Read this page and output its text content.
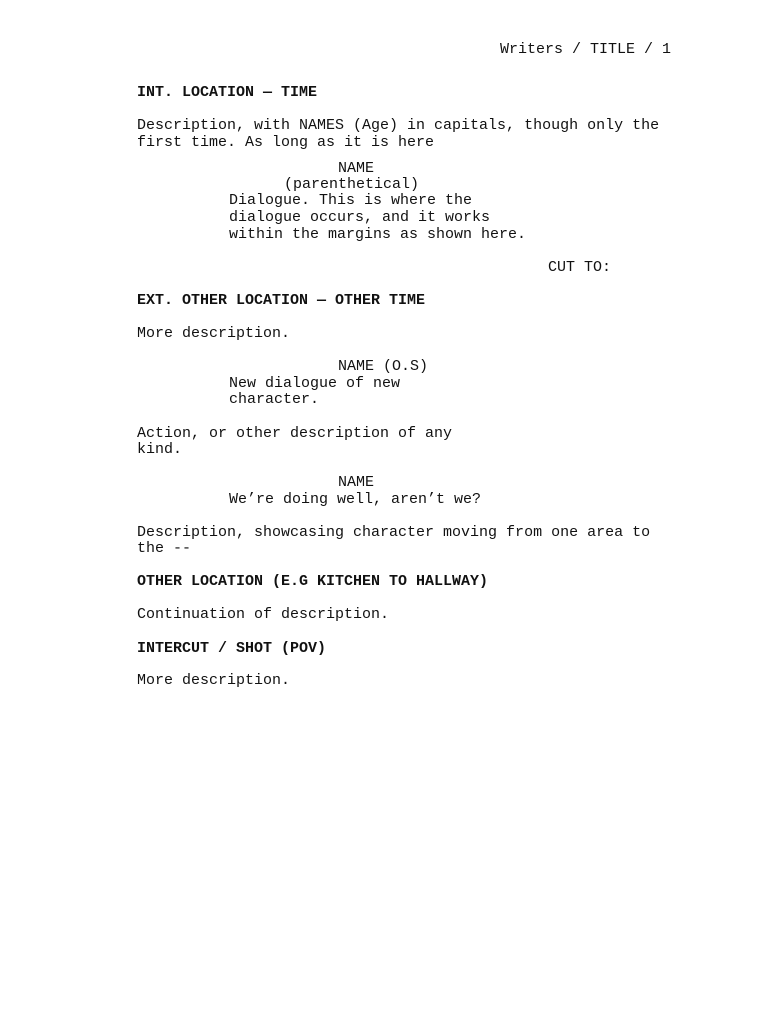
Writers / TITLE / 1
INT. LOCATION — TIME
Description, with NAMES (Age) in capitals, though only the
first time. As long as it is here
NAME
(parenthetical)
Dialogue. This is where the
dialogue occurs, and it works
within the margins as shown here.
CUT TO:
EXT. OTHER LOCATION — OTHER TIME
More description.
NAME (O.S)
New dialogue of new
character.
Action, or other description of any
kind.
NAME
We’re doing well, aren’t we?
Description, showcasing character moving from one area to
the --
OTHER LOCATION (E.G KITCHEN TO HALLWAY)
Continuation of description.
INTERCUT / SHOT (POV)
More description.
